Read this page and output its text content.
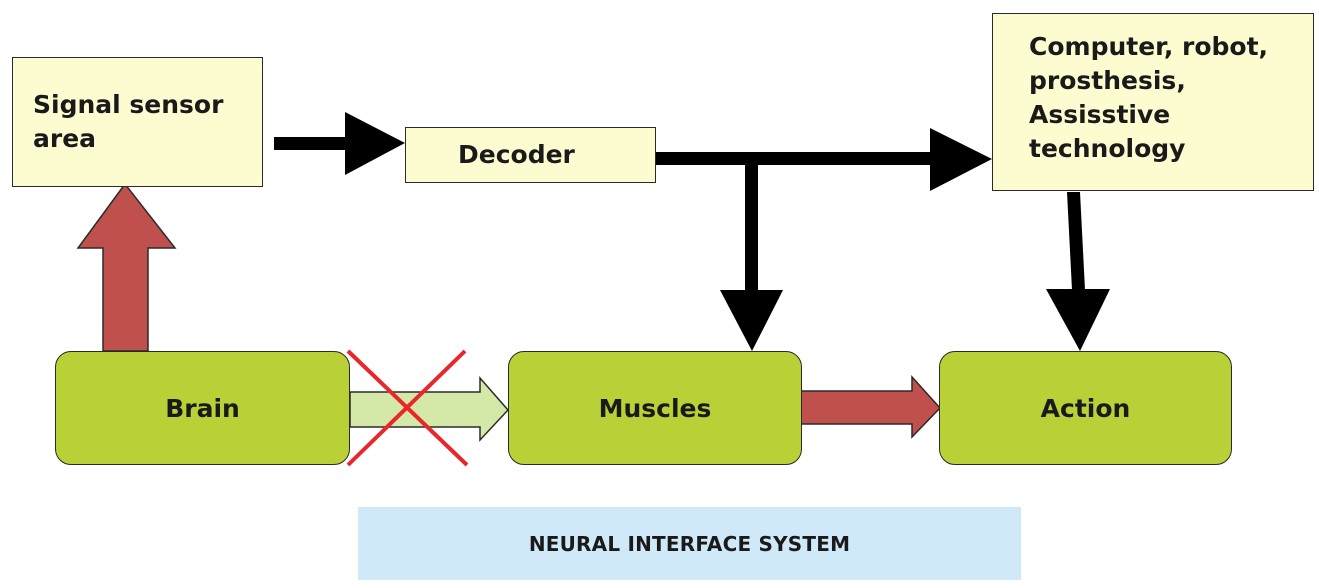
Signal sensor
area
Decoder
Computer, robot,
prosthesis,
Assisstive
technology
Brain	Muscles	Action
NEURAL INTERFACE SYSTEM
